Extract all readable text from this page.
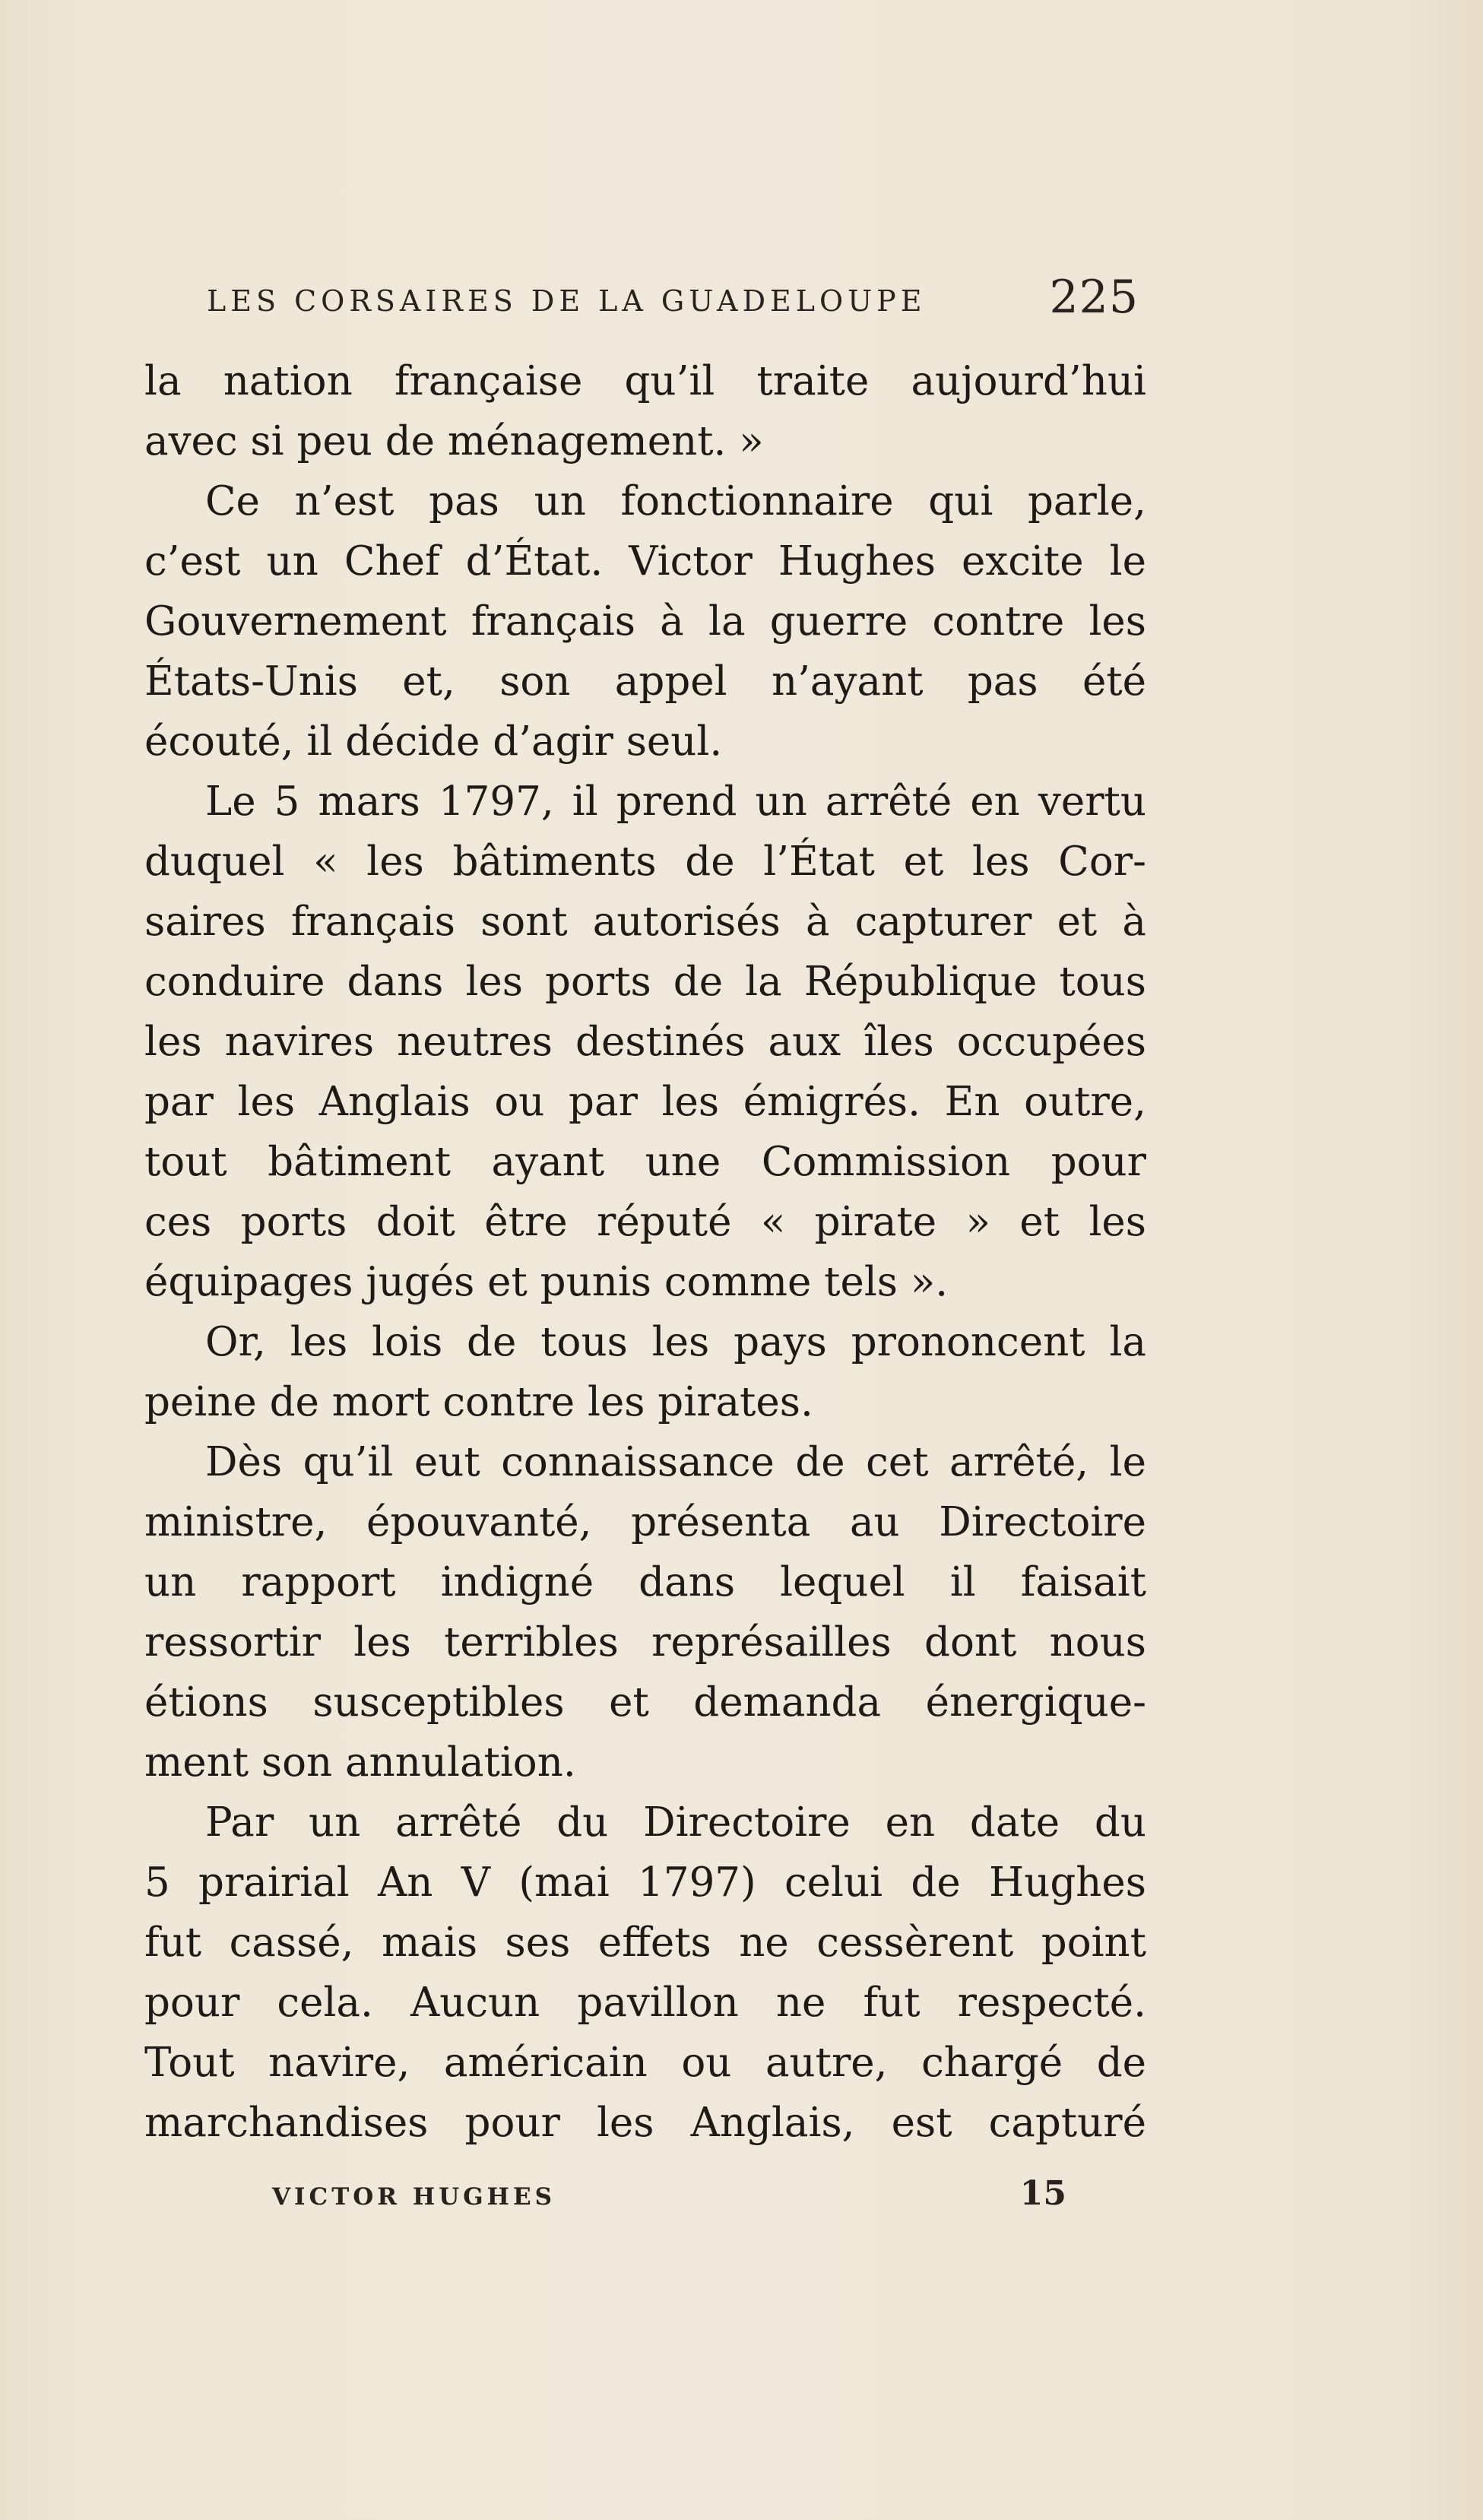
LES CORSAIRES DE LA GUADELOUPE	225
la nation française qu’il traite aujourd’hui
avec si peu de ménagement. »
Ce n’est pas un fonctionnaire qui parle,
c’est un Chef d’État. Victor Hughes excite le
Gouvernement français à la guerre contre les
États-Unis et, son appel n’ayant pas été
écouté, il décide d’agir seul.
Le 5 mars 1797, il prend un arrêté en vertu
duquel « les bâtiments de l’État et les Cor-
saires français sont autorisés à capturer et à
conduire dans les ports de la République tous
les navires neutres destinés aux îles occupées
par les Anglais ou par les émigrés. En outre,
tout bâtiment ayant une Commission pour
ces ports doit être réputé « pirate » et les
équipages jugés et punis comme tels ».
Or, les lois de tous les pays prononcent la
peine de mort contre les pirates.
Dès qu’il eut connaissance de cet arrêté, le
ministre, épouvanté, présenta au Directoire
un rapport indigné dans lequel il faisait
ressortir les terribles représailles dont nous
étions susceptibles et demanda énergique-
ment son annulation.
Par un arrêté du Directoire en date du
5 prairial An V (mai 1797) celui de Hughes
fut cassé, mais ses effets ne cessèrent point
pour cela. Aucun pavillon ne fut respecté.
Tout navire, américain ou autre, chargé de
marchandises pour les Anglais, est capturé
VICTOR HUGHES	15
